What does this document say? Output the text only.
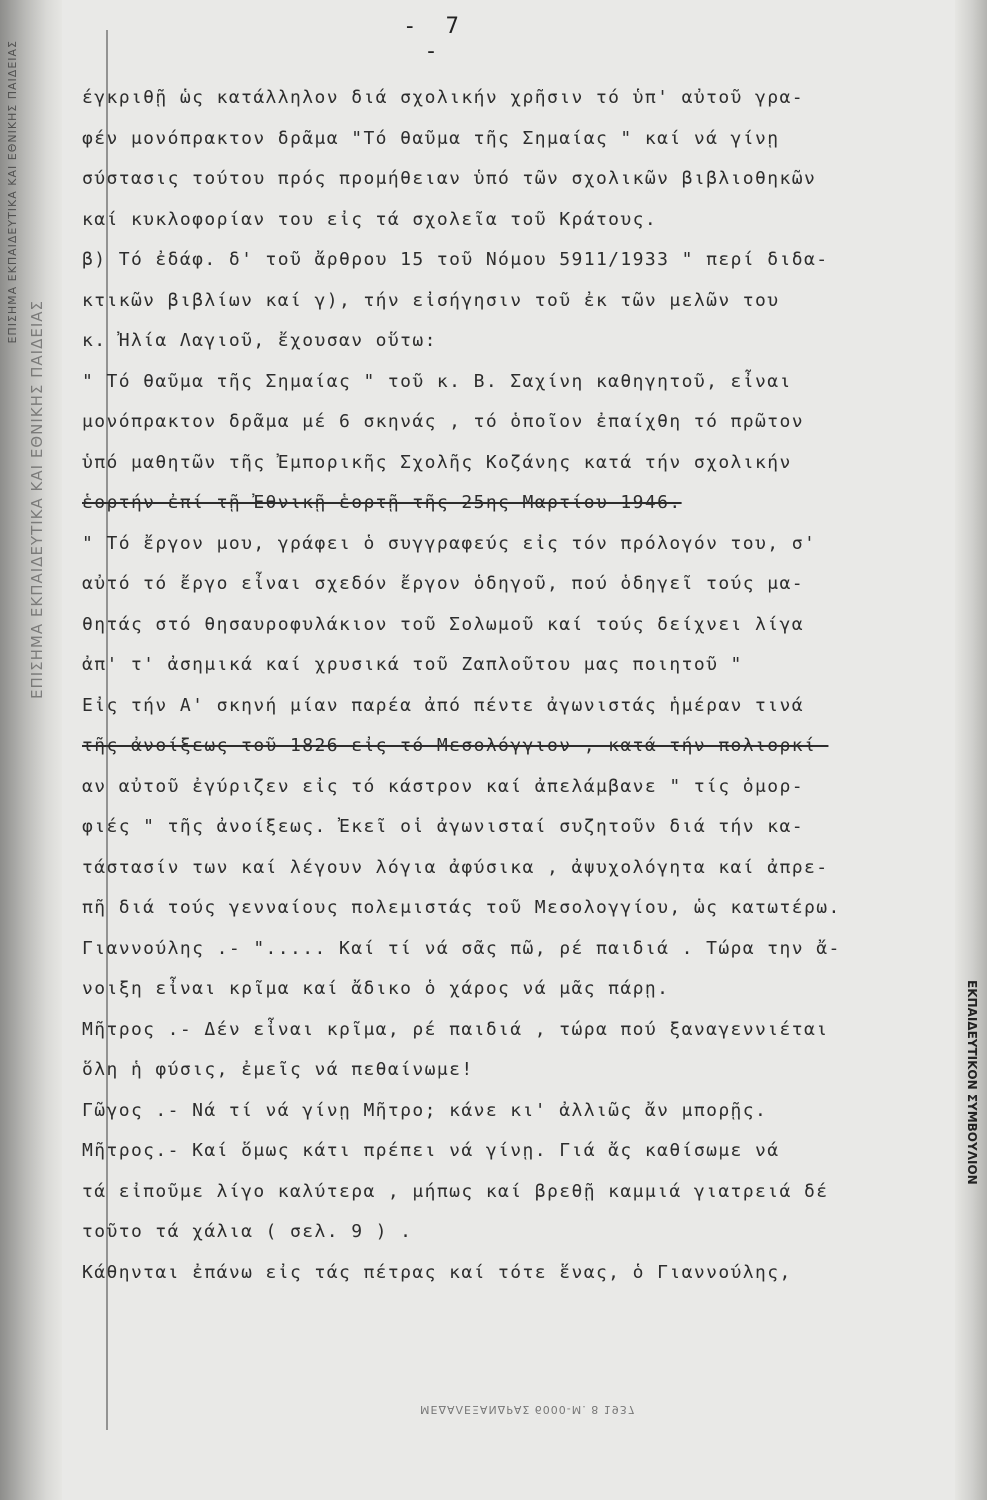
ΕΠΙΣΗΜΑ ΕΚΠΑΙΔΕΥΤΙΚΑ ΚΑΙ ΕΘΝΙΚΗΣ ΠΑΙΔΕΙΑΣ
ΕΠΙΣΗΜΑ ΕΚΠΑΙΔΕΥΤΙΚΑ ΚΑΙ ΕΘΝΙΚΗΣ ΠΑΙΔΕΙΑΣ
ΕΚΠΑΙΔΕΥΤΙΚΟΝ ΣΥΜΒΟΥΛΙΟΝ
- 7 -
έγκριθῇ ὡς κατάλληλον διά σχολικήν χρῆσιν τό ὑπ' αὐτοῦ γρα-
φέν μονόπρακτον δρᾶμα "Τό θαῦμα τῆς Σημαίας " καί νά γίνῃ
σύστασις τούτου πρός προμήθειαν ὑπό τῶν σχολικῶν βιβλιοθηκῶν
καί κυκλοφορίαν του εἰς τά σχολεῖα τοῦ Κράτους.
β) Τό ἐδάφ. δ' τοῦ ἄρθρου 15 τοῦ Νόμου 5911/1933 " περί διδα-
κτικῶν βιβλίων καί γ), τήν εἰσήγησιν τοῦ ἐκ τῶν μελῶν του
κ. Ἠλία Λαγιοῦ, ἔχουσαν οὕτω:
" Τό θαῦμα τῆς Σημαίας " τοῦ κ. Β. Σαχίνη καθηγητοῦ, εἶναι
μονόπρακτον δρᾶμα μέ 6 σκηνάς , τό ὁποῖον ἐπαίχθη τό πρῶτον
ὑπό μαθητῶν τῆς Ἐμπορικῆς Σχολῆς Κοζάνης κατά τήν σχολικήν
ἑορτήν ἐπί τῇ Ἐθνικῇ ἑορτῇ τῆς 25ης Μαρτίου 1946.
" Τό ἔργον μου, γράφει ὁ συγγραφεύς εἰς τόν πρόλογόν του, σ'
αὐτό τό ἔργο εἶναι σχεδόν ἔργον ὁδηγοῦ, πού ὁδηγεῖ τούς μα-
θητάς στό θησαυροφυλάκιον τοῦ Σολωμοῦ καί τούς δείχνει λίγα
ἀπ' τ' ἀσημικά καί χρυσικά τοῦ Ζαπλοῦτου μας ποιητοῦ "
Εἰς τήν Α' σκηνή μίαν παρέα ἀπό πέντε ἀγωνιστάς ἡμέραν τινά
τῆς ἀνοίξεως τοῦ 1826 εἰς τό Μεσολόγγιον , κατά τήν πολιορκί-
αν αὐτοῦ ἐγύριζεν εἰς τό κάστρον καί ἀπελάμβανε " τίς ὀμορ-
φιές " τῆς ἀνοίξεως. Ἐκεῖ οἱ ἀγωνισταί συζητοῦν διά τήν κα-
τάστασίν των καί λέγουν λόγια ἀφύσικα , ἀψυχολόγητα καί ἀπρε-
πῆ διά τούς γενναίους πολεμιστάς τοῦ Μεσολογγίου, ὡς κατωτέρω.
Γιαννούλης .- "..... Καί τί νά σᾶς πῶ, ρέ παιδιά . Τώρα την ἄ-
νοιξη εἶναι κρῖμα καί ἄδικο ὁ χάρος νά μᾶς πάρῃ.
Μῆτρος .- Δέν εἶναι κρῖμα, ρέ παιδιά , τώρα πού ξαναγεννιέται
ὅλη ἡ φύσις, ἐμεῖς νά πεθαίνωμε!
Γῶγος .- Νά τί νά γίνῃ Μῆτρο; κάνε κι' ἀλλιῶς ἄν μπορῇς.
Μῆτρος.- Καί ὅμως κάτι πρέπει νά γίνῃ. Γιά ἄς καθίσωμε νά
τά εἰποῦμε λίγο καλύτερα , μήπως καί βρεθῇ καμμιά γιατρειά δέ
τοῦτο τά χάλια ( σελ. 9 ) .
Κάθηνται ἐπάνω εἰς τάς πέτρας καί τότε ἕνας, ὁ Γιαννούλης,
ΜΕΔΑΛΕΞΑΝΔΡΑΣ 6000-Μ. 8 1937
